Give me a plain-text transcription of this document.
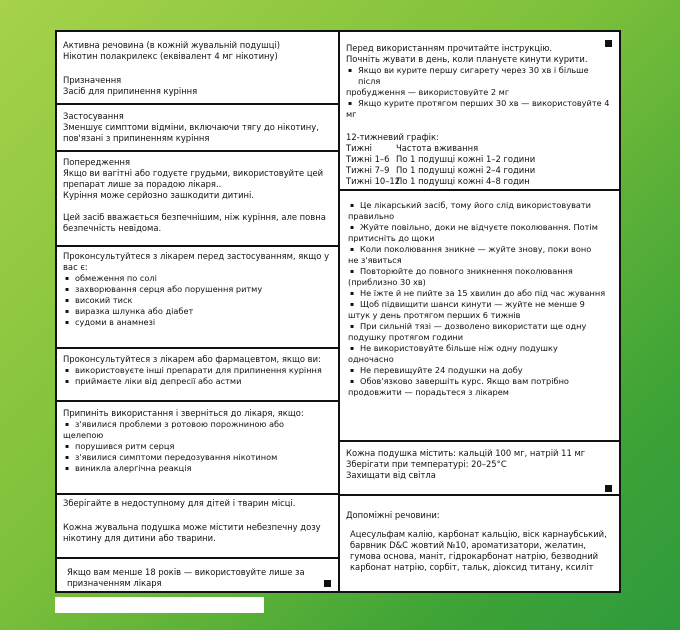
Активна речовина (в кожній жувальній подушці)

Нікотин полакрилекс (еквівалент 4 мг нікотину)

Призначення

Засіб для припинення куріння

Застосування

Зменшує симптоми відміни, включаючи тягу до нікотину,

пов'язані з припиненням куріння

Попередження

Якщо ви вагітні або годуєте грудьми, використовуйте цей

препарат лише за порадою лікаря..

Куріння може серйозно зашкодити дитині.

Цей засіб вважається безпечнішим, ніж куріння, але повна

безпечність невідома.

Проконсультуйтеся з лікарем перед застосуванням, якщо у

вас є:

▪ обмеження по солі
▪ захворювання серця або порушення ритму
▪ високий тиск
▪ виразка шлунка або діабет
▪ судоми в анамнезі

Проконсультуйтеся з лікарем або фармацевтом, якщо ви:

▪ використовуєте інші препарати для припинення куріння
▪ приймаєте ліки від депресії або астми

Припиніть використання і зверніться до лікаря, якщо:

▪ з'явилися проблеми з ротовою порожниною або
щелепою
▪ порушився ритм серця
▪ з'явилися симптоми передозування нікотином
▪ виникла алергічна реакція

Зберігайте в недоступному для дітей і тварин місці.

Кожна жувальна подушка може містити небезпечну дозу

нікотину для дитини або тварини.

Якщо вам менше 18 років — використовуйте лише за

призначенням лікаря

Перед використанням прочитайте інструкцію.

Почніть жувати в день, коли плануєте кинути курити.

▪ Якщо ви курите першу сигарету через 30 хв і більше після
пробудження — використовуйте 2 мг
▪ Якщо курите протягом перших 30 хв — використовуйте 4
мг

12-тижневий графік:

Тижні	Частота вживання
Тижні 1–6 По 1 подушці кожні 1–2 години
Тижні 7–9 По 1 подушці кожні 2–4 години
Тижні 10–12
По 1 подушці кожні 4–8 годин
▪ Це лікарський засіб, тому його слід використовувати
правильно
▪ Жуйте повільно, доки не відчуєте поколювання. Потім
притисніть до щоки
▪ Коли поколювання зникне — жуйте знову, поки воно
не з'явиться
▪ Повторюйте до повного зникнення поколювання
(приблизно 30 хв)
▪ Не їжте й не пийте за 15 хвилин до або під час жування
▪ Щоб підвищити шанси кинути — жуйте не менше 9
штук у день протягом перших 6 тижнів
▪ При сильній тязі — дозволено використати ще одну
подушку протягом години
▪ Не використовуйте більше ніж одну подушку
одночасно
▪ Не перевищуйте 24 подушки на добу
▪ Обов'язково завершіть курс. Якщо вам потрібно
продовжити — порадьтеся з лікарем

Кожна подушка містить: кальцій 100 мг, натрій 11 мг

Зберігати при температурі: 20–25°C

Захищати від світла

Допоміжні речовини:

Ацесульфам калію, карбонат кальцію, віск карнаубський,

барвник D&C жовтий №10, ароматизатори, желатин,

гумова основа, маніт, гідрокарбонат натрію, безводний

карбонат натрію, сорбіт, тальк, діоксид титану, ксиліт
